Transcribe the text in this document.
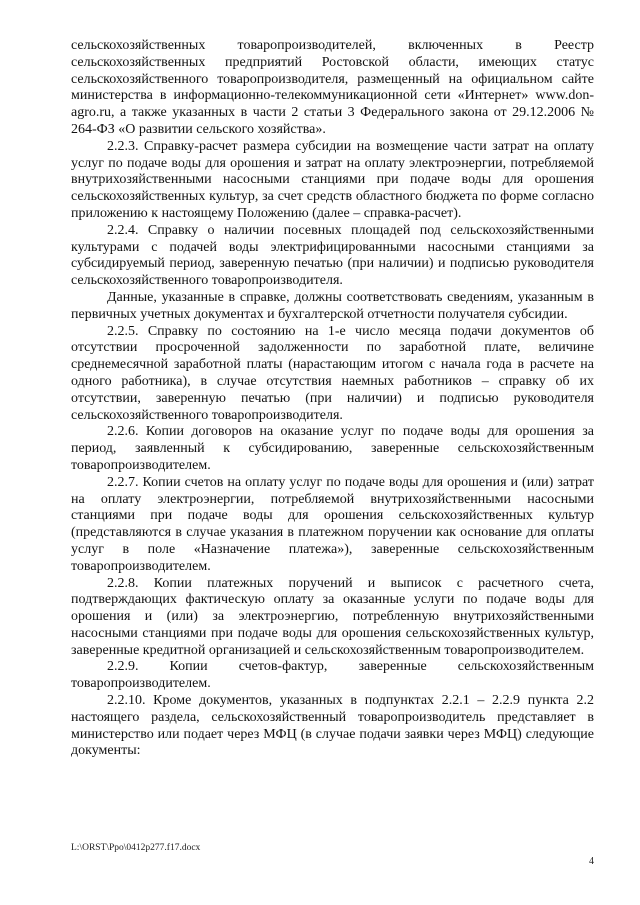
сельскохозяйственных товаропроизводителей, включенных в Реестр сельскохозяйственных предприятий Ростовской области, имеющих статус сельскохозяйственного товаропроизводителя, размещенный на официальном сайте министерства в информационно-телекоммуникационной сети «Интернет» www.don-agro.ru, а также указанных в части 2 статьи 3 Федерального закона от 29.12.2006 № 264-ФЗ «О развитии сельского хозяйства».

2.2.3. Справку-расчет размера субсидии на возмещение части затрат на оплату услуг по подаче воды для орошения и затрат на оплату электроэнергии, потребляемой внутрихозяйственными насосными станциями при подаче воды для орошения сельскохозяйственных культур, за счет средств областного бюджета по форме согласно приложению к настоящему Положению (далее – справка-расчет).

2.2.4. Справку о наличии посевных площадей под сельскохозяйственными культурами с подачей воды электрифицированными насосными станциями за субсидируемый период, заверенную печатью (при наличии) и подписью руководителя сельскохозяйственного товаропроизводителя.

Данные, указанные в справке, должны соответствовать сведениям, указанным в первичных учетных документах и бухгалтерской отчетности получателя субсидии.

2.2.5. Справку по состоянию на 1-е число месяца подачи документов об отсутствии просроченной задолженности по заработной плате, величине среднемесячной заработной платы (нарастающим итогом с начала года в расчете на одного работника), в случае отсутствия наемных работников – справку об их отсутствии, заверенную печатью (при наличии) и подписью руководителя сельскохозяйственного товаропроизводителя.

2.2.6. Копии договоров на оказание услуг по подаче воды для орошения за период, заявленный к субсидированию, заверенные сельскохозяйственным товаропроизводителем.

2.2.7. Копии счетов на оплату услуг по подаче воды для орошения и (или) затрат на оплату электроэнергии, потребляемой внутрихозяйственными насосными станциями при подаче воды для орошения сельскохозяйственных культур (представляются в случае указания в платежном поручении как основание для оплаты услуг в поле «Назначение платежа»), заверенные сельскохозяйственным товаропроизводителем.

2.2.8. Копии платежных поручений и выписок с расчетного счета, подтверждающих фактическую оплату за оказанные услуги по подаче воды для орошения и (или) за электроэнергию, потребленную внутрихозяйственными насосными станциями при подаче воды для орошения сельскохозяйственных культур, заверенные кредитной организацией и сельскохозяйственным товаропроизводителем.

2.2.9. Копии счетов-фактур, заверенные сельскохозяйственным товаропроизводителем.

2.2.10. Кроме документов, указанных в подпунктах 2.2.1 – 2.2.9 пункта 2.2 настоящего раздела, сельскохозяйственный товаропроизводитель представляет в министерство или подает через МФЦ (в случае подачи заявки через МФЦ) следующие документы:

L:\ORST\Ppo\0412p277.f17.docx
4
